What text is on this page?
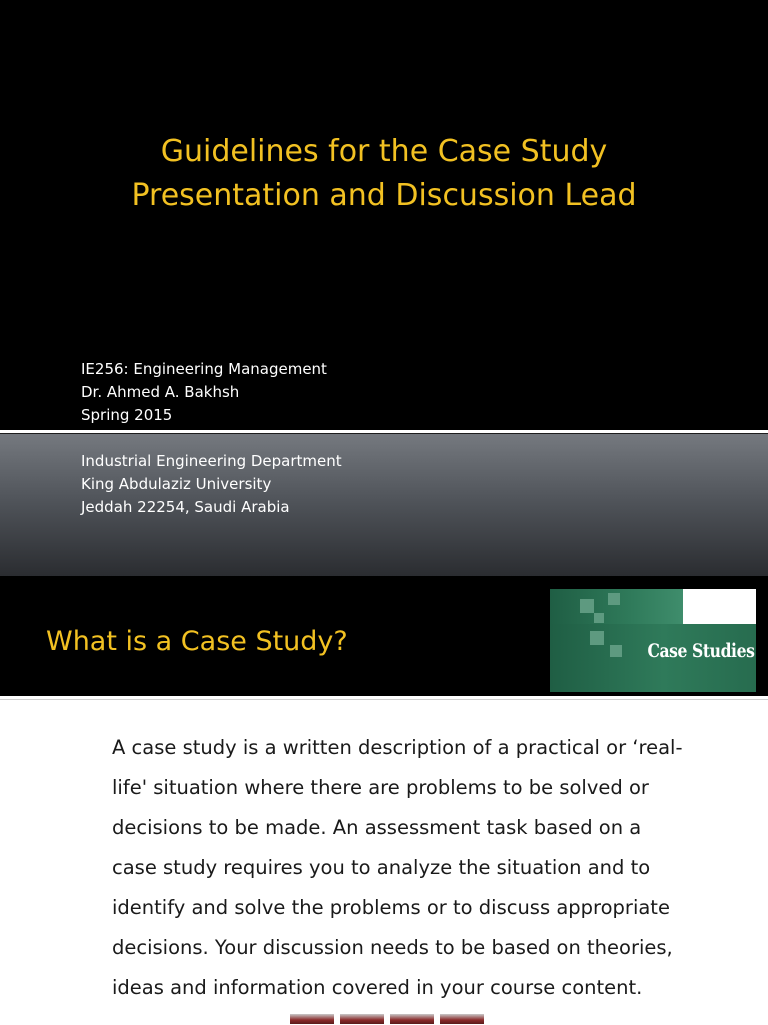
Guidelines for the Case Study
Presentation and Discussion Lead
IE256: Engineering Management
Dr. Ahmed A. Bakhsh
Spring 2015
Industrial Engineering Department
King Abdulaziz University
Jeddah 22254, Saudi Arabia
What is a Case Study?	Case Studies

A case study is a written description of a practical or ‘real-
life' situation where there are problems to be solved or
decisions to be made. An assessment task based on a
case study requires you to analyze the situation and to
identify and solve the problems or to discuss appropriate
decisions. Your discussion needs to be based on theories,
ideas and information covered in your course content.
